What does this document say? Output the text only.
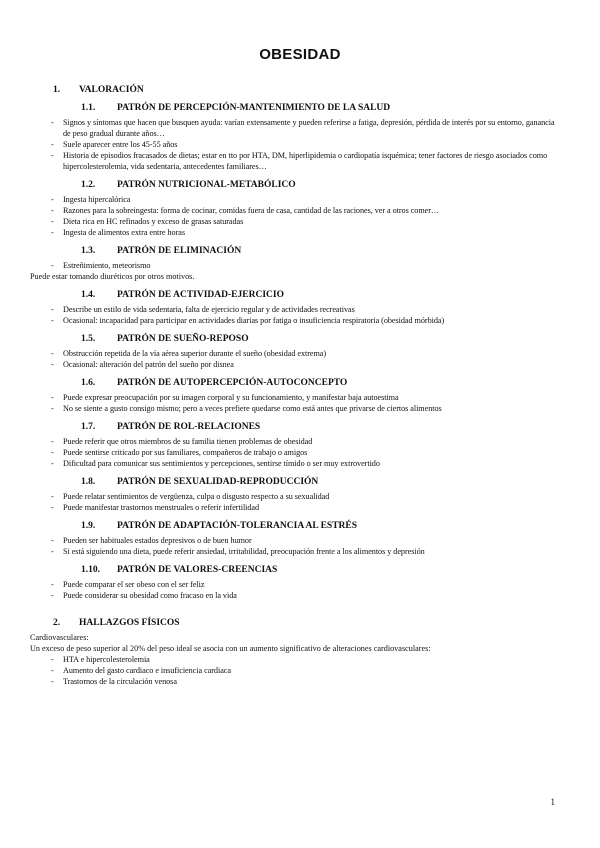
OBESIDAD
1.	VALORACIÓN
1.1.	PATRÓN DE PERCEPCIÓN-MANTENIMIENTO DE LA SALUD
- Signos y síntomas que hacen que busquen ayuda: varían extensamente y pueden referirse a fatiga, depresión, pérdida de interés por su entorno, ganancia de peso gradual durante años…
- Suele aparecer entre los 45-55 años
- Historia de episodios fracasados de dietas; estar en tto por HTA, DM, hiperlipidemia o cardiopatía isquémica; tener factores de riesgo asociados como hipercolesterolemia, vida sedentaria, antecedentes familiares…
1.2.	PATRÓN NUTRICIONAL-METABÓLICO
- Ingesta hipercalórica
- Razones para la sobreingesta: forma de cocinar, comidas fuera de casa, cantidad de las raciones, ver a otros comer…
- Dieta rica en HC refinados y exceso de grasas saturadas
- Ingesta de alimentos extra entre horas
1.3.	PATRÓN DE ELIMINACIÓN
- Estreñimiento, meteorismo
Puede estar tomando diuréticos por otros motivos.
1.4.	PATRÓN DE ACTIVIDAD-EJERCICIO
- Describe un estilo de vida sedentaria, falta de ejercicio regular y de actividades recreativas
- Ocasional: incapacidad para participar en actividades diarias por fatiga o insuficiencia respiratoria (obesidad mórbida)
1.5.	PATRÓN DE SUEÑO-REPOSO
- Obstrucción repetida de la vía aérea superior durante el sueño (obesidad extrema)
- Ocasional: alteración del patrón del sueño por disnea
1.6.	PATRÓN DE AUTOPERCEPCIÓN-AUTOCONCEPTO
- Puede expresar preocupación por su imagen corporal y su funcionamiento, y manifestar baja autoestima
- No se siente a gusto consigo mismo; pero a veces prefiere quedarse como está antes que privarse de ciertos alimentos
1.7.	PATRÓN DE ROL-RELACIONES
- Puede referir que otros miembros de su familia tienen problemas de obesidad
- Puede sentirse criticado por sus familiares, compañeros de trabajo o amigos
- Dificultad para comunicar sus sentimientos y percepciones, sentirse tímido o ser muy extrovertido
1.8.	PATRÓN DE SEXUALIDAD-REPRODUCCIÓN
- Puede relatar sentimientos de vergüenza, culpa o disgusto respecto a su sexualidad
- Puede manifestar trastornos menstruales o referir infertilidad
1.9.	PATRÓN DE ADAPTACIÓN-TOLERANCIA AL ESTRÉS
- Pueden ser habituales estados depresivos o de buen humor
- Si está siguiendo una dieta, puede referir ansiedad, irritabilidad, preocupación frente a los alimentos y depresión
1.10.	PATRÓN DE VALORES-CREENCIAS
- Puede comparar el ser obeso con el ser feliz
- Puede considerar su obesidad como fracaso en la vida
2.	HALLAZGOS FÍSICOS
Cardiovasculares:
Un exceso de peso superior al 20% del peso ideal se asocia con un aumento significativo de alteraciones cardiovasculares:
- HTA e hipercolesterolemia
- Aumento del gasto cardiaco e insuficiencia cardiaca
- Trastornos de la circulación venosa
1
